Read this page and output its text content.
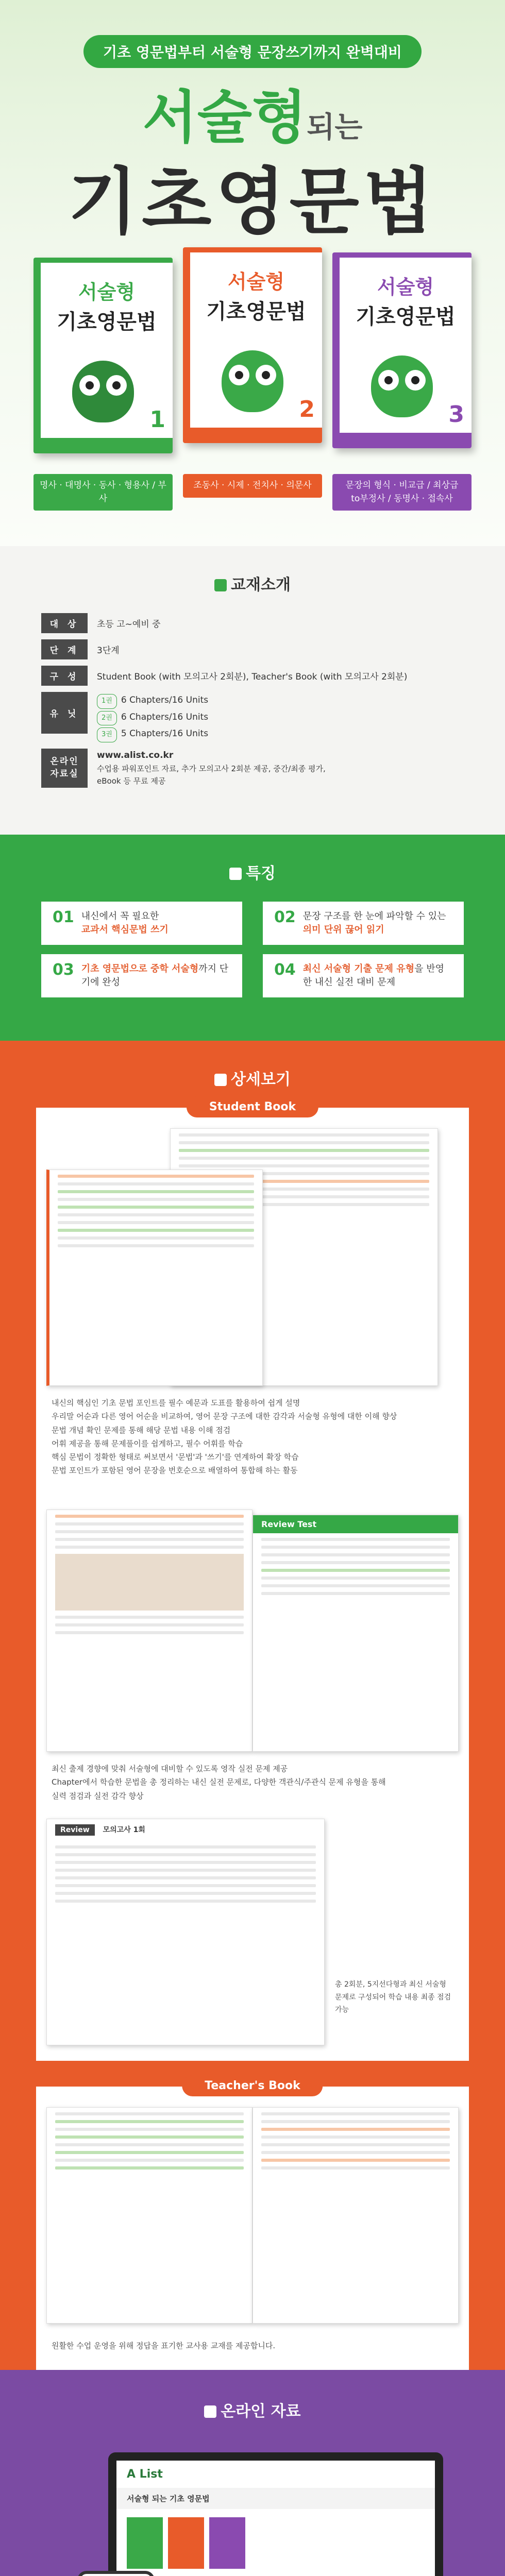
기초 영문법부터 서술형 문장쓰기까지 완벽대비
서술형되는
기초영문법
서술형
기초영문법
1
서술형
기초영문법
2
서술형
기초영문법
3
명사 · 대명사 · 동사 · 형용사 / 부사
조동사 · 시제 · 전치사 · 의문사	문장의 형식 · 비교급 / 최상급
to부정사 / 동명사 · 접속사
교재소개
대 상	초등 고~예비 중
단 계	3단계
구 성	Student Book (with 모의고사 2회분), Teacher's Book (with 모의고사 2회분)
유 닛
1권 6 Chapters/16 Units
2권 6 Chapters/16 Units
3권 5 Chapters/16 Units
온라인
자료실
www.alist.co.kr
수업용 파워포인트 자료, 추가 모의고사 2회분 제공, 중간/최종 평가,
eBook 등 무료 제공
특징
01 내신에서 꼭 필요한
교과서 핵심문법 쓰기
02 문장 구조를 한 눈에 파악할 수 있는
의미 단위 끊어 읽기
03 기초 영문법으로 중학 서술형까지 단기에 완성
04 최신 서술형 기출 문제 유형을 반영한 내신 실전 대비 문제
상세보기
Student Book
내신의 핵심인 기초 문법 포인트를 필수 예문과 도표를 활용하여 쉽게 설명
우리말 어순과 다른 영어 어순을 비교하여, 영어 문장 구조에 대한 감각과 서술형 유형에 대한 이해 향상
문법 개념 확인 문제를 통해 해당 문법 내용 이해 점검
어휘 제공을 통해 문제풀이를 쉽게하고, 필수 어휘를 학습
핵심 문법이 정확한 형태로 써보면서 '문법'과 '쓰기'를 연계하여 확장 학습
문법 포인트가 포함된 영어 문장을 번호순으로 배열하여 통합해 하는 활동
Review Test
최신 출제 경향에 맞춰 서술형에 대비할 수 있도록 영작 실전 문제 제공
Chapter에서 학습한 문법을 총 정리하는 내신 실전 문제로, 다양한 객관식/주관식 문제 유형을 통해
실력 점검과 실전 감각 향상
Review	모의고사 1회
총 2회분, 5지선다형과 최신 서술형 문제로 구성되어 학습 내용 최종 점검 가능
Teacher's Book
원활한 수업 운영을 위해 정답을 표기한 교사용 교재를 제공합니다.
온라인 자료
A List
서술형 되는 기초 영문법
